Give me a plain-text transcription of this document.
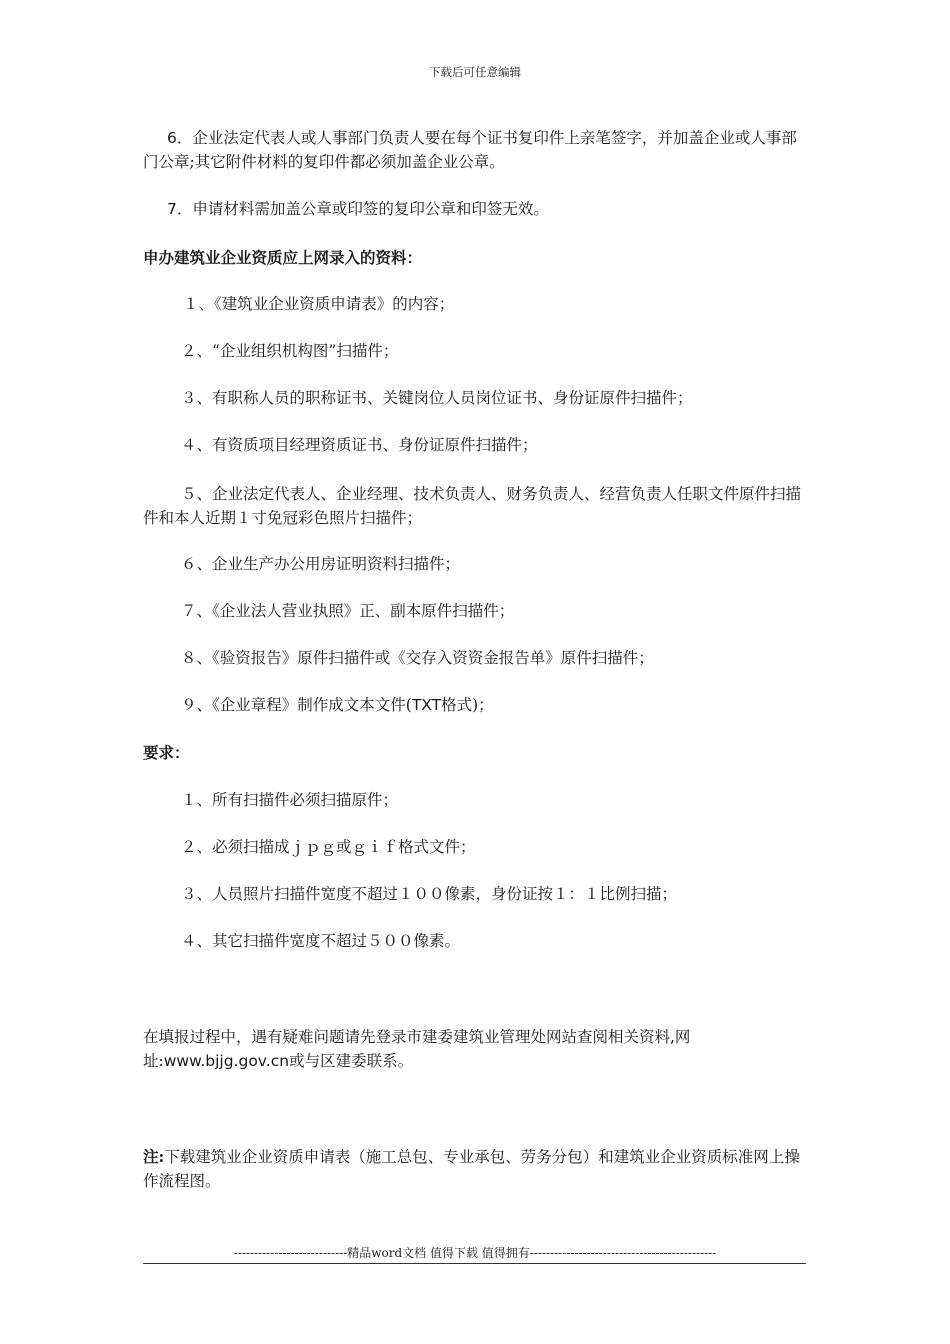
下载后可任意编辑
6．企业法定代表人或人事部门负责人要在每个证书复印件上亲笔签字，并加盖企业或人事部门公章;其它附件材料的复印件都必须加盖企业公章。
7．申请材料需加盖公章或印签的复印公章和印签无效。
申办建筑业企业资质应上网录入的资料：
１、《建筑业企业资质申请表》的内容；
２、“企业组织机构图”扫描件；
３、有职称人员的职称证书、关键岗位人员岗位证书、身份证原件扫描件；
４、有资质项目经理资质证书、身份证原件扫描件；
５、企业法定代表人、企业经理、技术负责人、财务负责人、经营负责人任职文件原件扫描件和本人近期１寸免冠彩色照片扫描件；
６、企业生产办公用房证明资料扫描件；
７、《企业法人营业执照》正、副本原件扫描件；
８、《验资报告》原件扫描件或《交存入资资金报告单》原件扫描件；
９、《企业章程》制作成文本文件(TXT格式)；
要求：
１、所有扫描件必须扫描原件；
２、必须扫描成ｊｐｇ或ｇｉｆ格式文件；
３、人员照片扫描件宽度不超过１００像素，身份证按１：１比例扫描；
４、其它扫描件宽度不超过５００像素。
在填报过程中，遇有疑难问题请先登录市建委建筑业管理处网站查阅相关资料,网
址:www.bjjg.gov.cn或与区建委联系。
注:下载建筑业企业资质申请表（施工总包、专业承包、劳务分包）和建筑业企业资质标准网上操作流程图。
----------------------------精品word文档 值得下载 值得拥有----------------------------------------------
